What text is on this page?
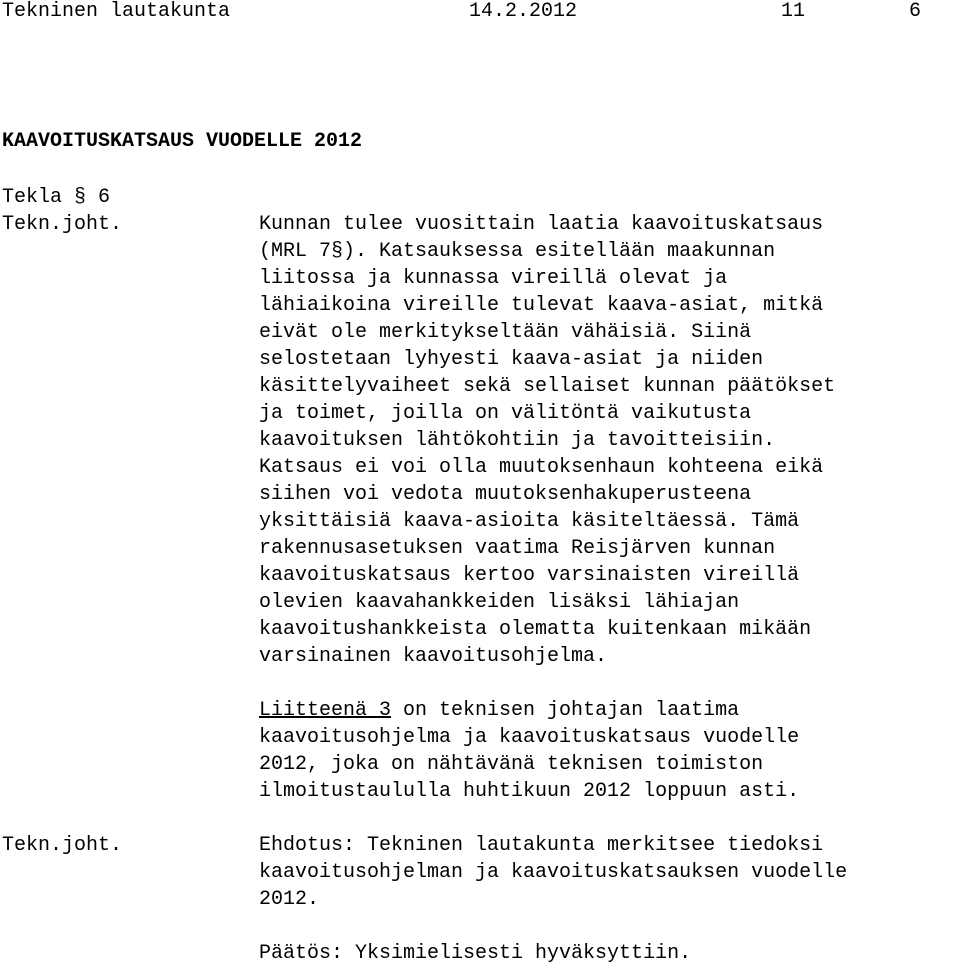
Tekninen lautakunta	14.2.2012	11	6
KAAVOITUSKATSAUS VUODELLE 2012
Tekla § 6
Tekn.joht.	Kunnan tulee vuosittain laatia kaavoituskatsaus
(MRL 7§). Katsauksessa esitellään maakunnan
liitossa ja kunnassa vireillä olevat ja
lähiaikoina vireille tulevat kaava-asiat, mitkä
eivät ole merkitykseltään vähäisiä. Siinä
selostetaan lyhyesti kaava-asiat ja niiden
käsittelyvaiheet sekä sellaiset kunnan päätökset
ja toimet, joilla on välitöntä vaikutusta
kaavoituksen lähtökohtiin ja tavoitteisiin.
Katsaus ei voi olla muutoksenhaun kohteena eikä
siihen voi vedota muutoksenhakuperusteena
yksittäisiä kaava-asioita käsiteltäessä. Tämä
rakennusasetuksen vaatima Reisjärven kunnan
kaavoituskatsaus kertoo varsinaisten vireillä
olevien kaavahankkeiden lisäksi lähiajan
kaavoitushankkeista olematta kuitenkaan mikään
varsinainen kaavoitusohjelma.
Liitteenä 3 on teknisen johtajan laatima
kaavoitusohjelma ja kaavoituskatsaus vuodelle
2012, joka on nähtävänä teknisen toimiston
ilmoitustaululla huhtikuun 2012 loppuun asti.
Tekn.joht.	Ehdotus: Tekninen lautakunta merkitsee tiedoksi
kaavoitusohjelman ja kaavoituskatsauksen vuodelle
2012.
Päätös: Yksimielisesti hyväksyttiin.
